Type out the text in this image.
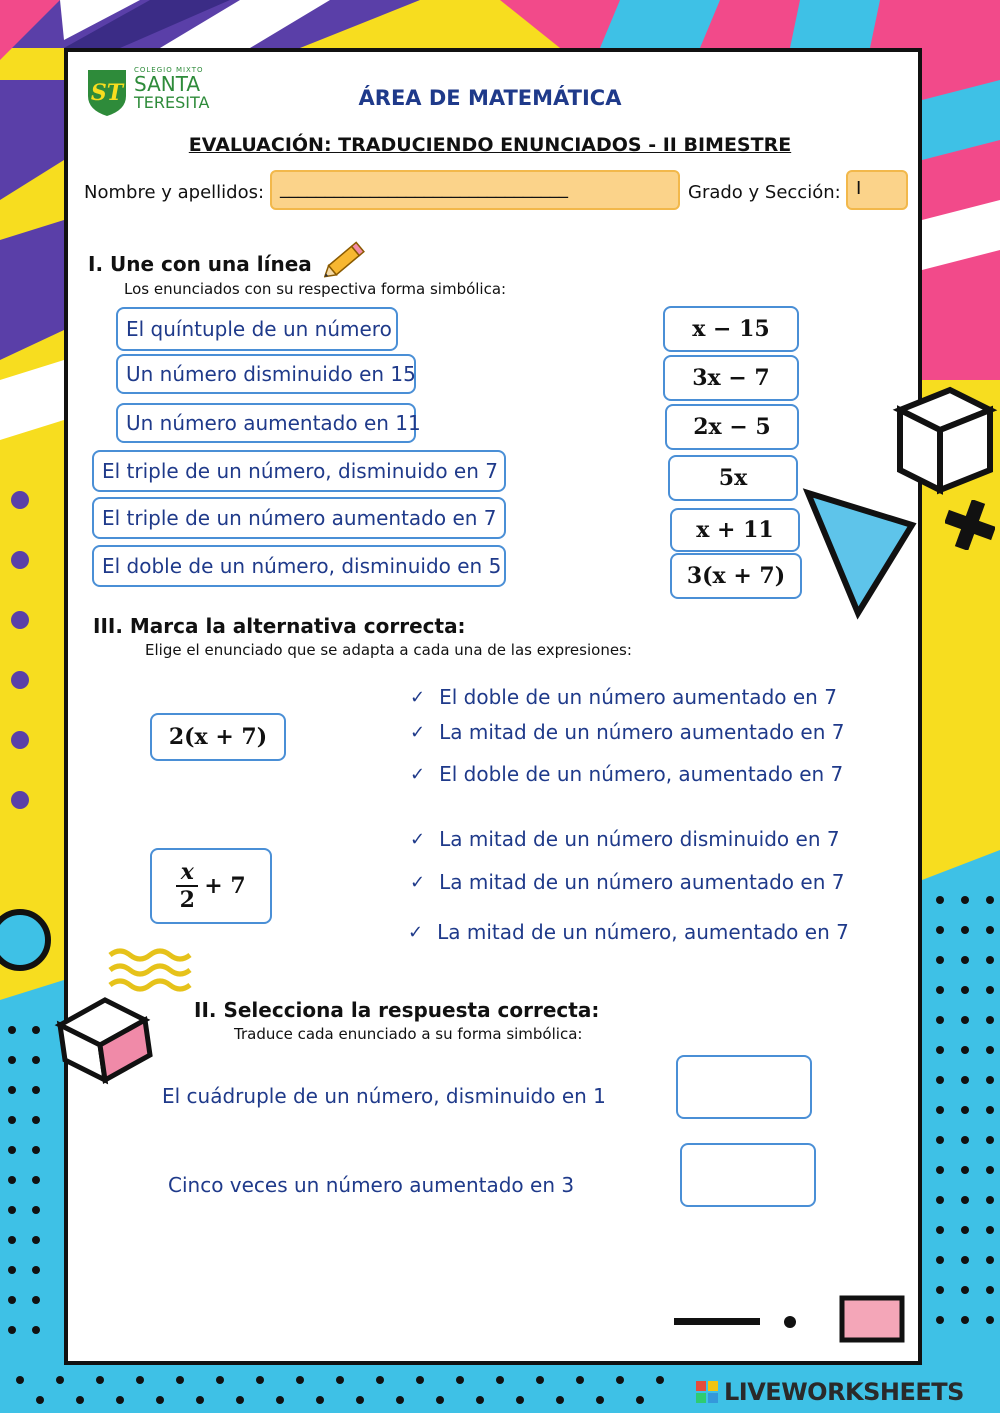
ST
COLEGIO MIXTO
SANTA
TERESITA	ÁREA DE MATEMÁTICA
EVALUACIÓN: TRADUCIENDO ENUNCIADOS - II BIMESTRE
Nombre y apellidos: ________________________________	Grado y Sección: I
I. Une con una línea
Los enunciados con su respectiva forma simbólica:
El quíntuple de un número
Un número disminuido en 15
Un número aumentado en 11
El triple de un número, disminuido en 7
El triple de un número aumentado en 7
El doble de un número, disminuido en 5
x − 15
3x − 7
2x − 5
5x
x + 11
3(x + 7)
III. Marca la alternativa correcta:
Elige el enunciado que se adapta a cada una de las expresiones:
2(x + 7)
✓ El doble de un número aumentado en 7
✓ La mitad de un número aumentado en 7
✓ El doble de un número, aumentado en 7
x
2
+ 7
✓ La mitad de un número disminuido en 7
✓ La mitad de un número aumentado en 7
✓ La mitad de un número, aumentado en 7
II. Selecciona la respuesta correcta:
Traduce cada enunciado a su forma simbólica:
El cuádruple de un número, disminuido en 1
Cinco veces un número aumentado en 3
LIVEWORKSHEETS
